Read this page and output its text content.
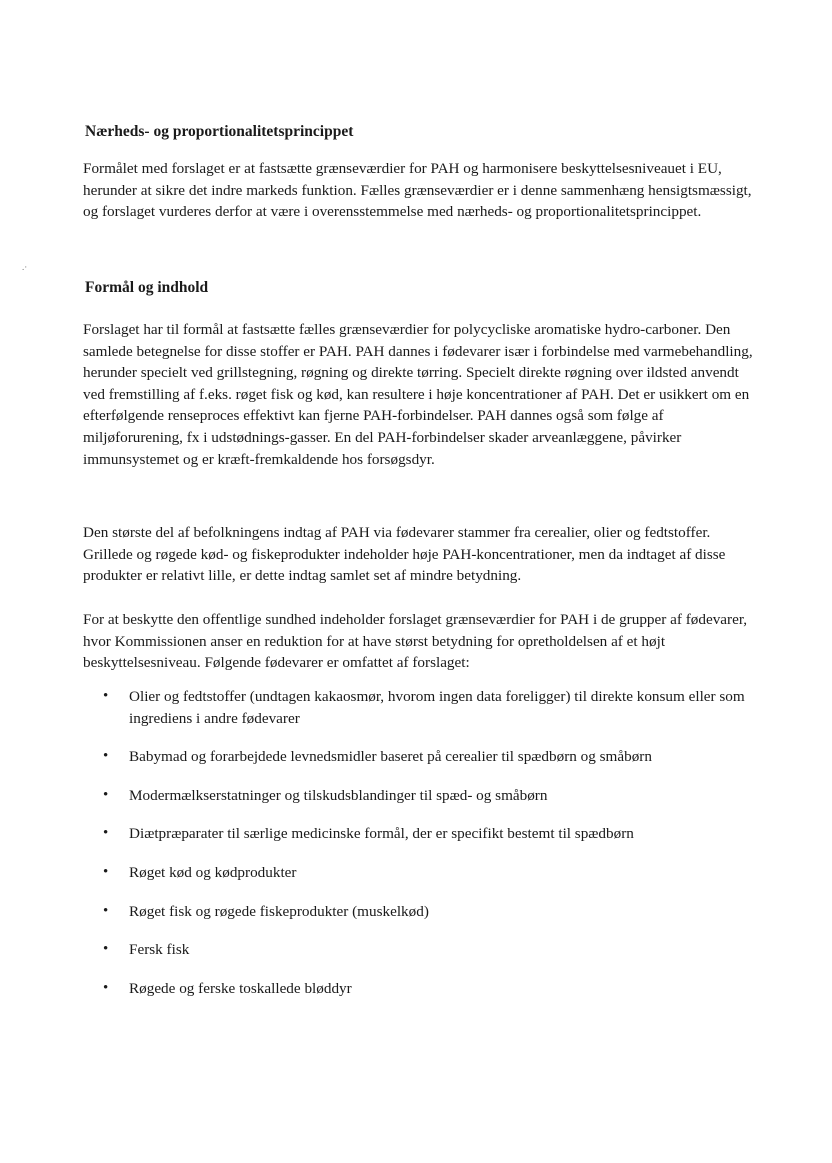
.·
Nærheds- og proportionalitetsprincippet

Formålet med forslaget er at fastsætte grænseværdier for PAH og harmonisere beskyttelsesniveauet i EU, herunder at sikre det indre markeds funktion. Fælles grænseværdier er i denne sammenhæng hensigtsmæssigt, og forslaget vurderes derfor at være i overensstemmelse med nærheds- og proportionalitetsprincippet.

Formål og indhold

Forslaget har til formål at fastsætte fælles grænseværdier for polycycliske aromatiske hydro-carboner. Den samlede betegnelse for disse stoffer er PAH. PAH dannes i fødevarer især i forbindelse med varmebehandling, herunder specielt ved grillstegning, røgning og direkte tørring. Specielt direkte røgning over ildsted anvendt ved fremstilling af f.eks. røget fisk og kød, kan resultere i høje koncentrationer af PAH. Det er usikkert om en efterfølgende renseproces effektivt kan fjerne PAH-forbindelser. PAH dannes også som følge af miljøforurening, fx i udstødnings-gasser. En del PAH-forbindelser skader arveanlæggene, påvirker immunsystemet og er kræft-fremkaldende hos forsøgsdyr.

Den største del af befolkningens indtag af PAH via fødevarer stammer fra cerealier, olier og fedtstoffer. Grillede og røgede kød- og fiskeprodukter indeholder høje PAH-koncentrationer, men da indtaget af disse produkter er relativt lille, er dette indtag samlet set af mindre betydning.

For at beskytte den offentlige sundhed indeholder forslaget grænseværdier for PAH i de grupper af fødevarer, hvor Kommissionen anser en reduktion for at have størst betydning for opretholdelsen af et højt beskyttelsesniveau. Følgende fødevarer er omfattet af forslaget:

• Olier og fedtstoffer (undtagen kakaosmør, hvorom ingen data foreligger) til direkte konsum eller som ingrediens i andre fødevarer
• Babymad og forarbejdede levnedsmidler baseret på cerealier til spædbørn og småbørn
• Modermælkserstatninger og tilskudsblandinger til spæd- og småbørn
• Diætpræparater til særlige medicinske formål, der er specifikt bestemt til spædbørn
• Røget kød og kødprodukter
• Røget fisk og røgede fiskeprodukter (muskelkød)
• Fersk fisk
• Røgede og ferske toskallede bløddyr
